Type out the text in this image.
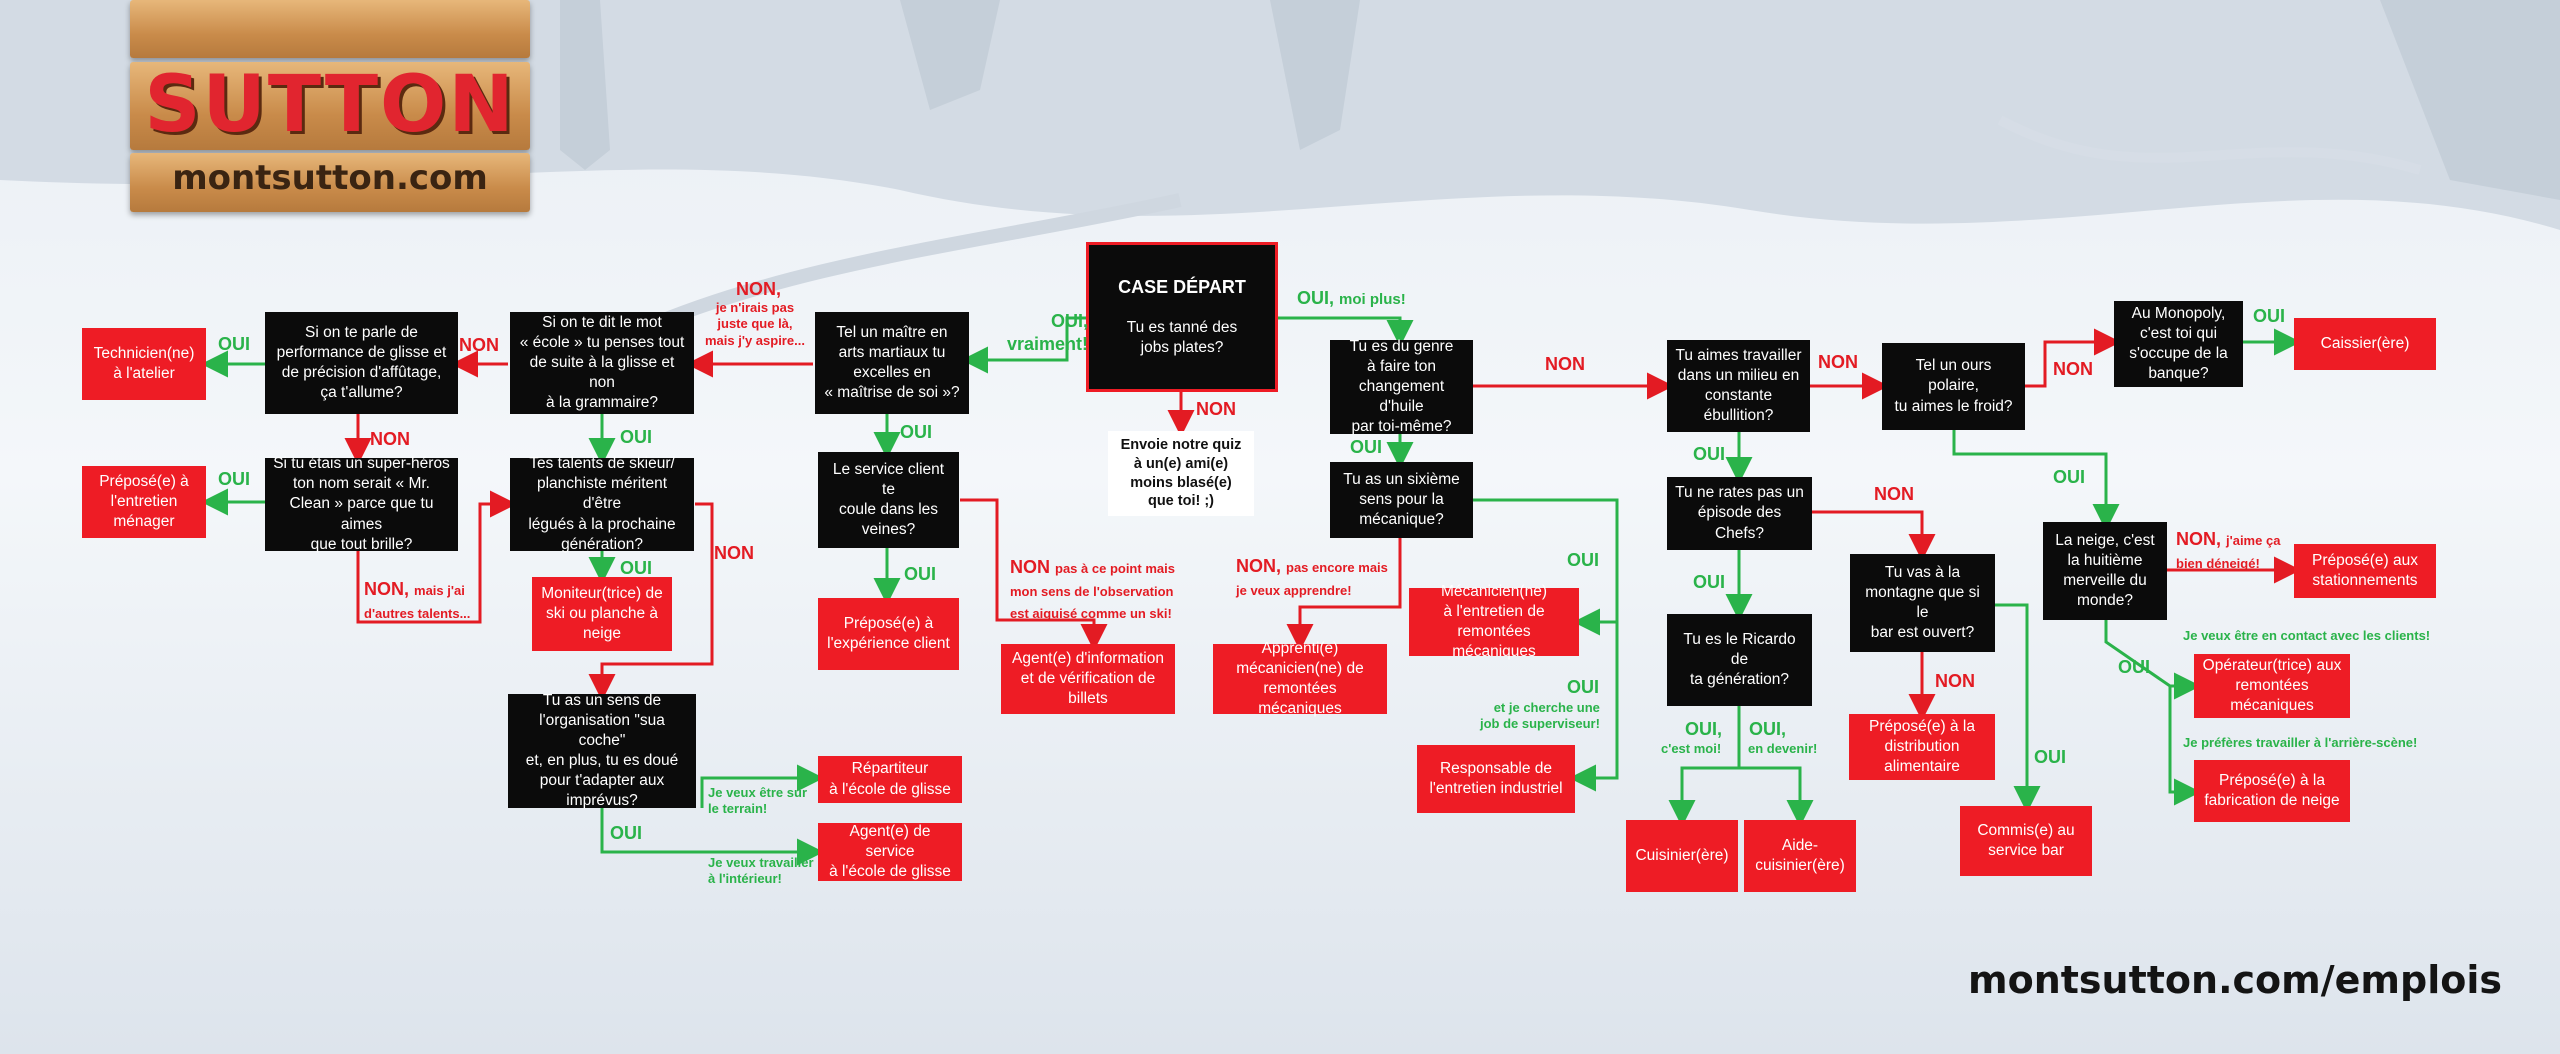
SUTTON
montsutton.com
CASE DÉPART
Tu es tanné des
jobs plates?
Envoie notre quiz
à un(e) ami(e)
moins blasé(e)
que toi! ;)
Tel un maître en
arts martiaux tu
excelles en
« maîtrise de soi »?
Si on te dit le mot
« école » tu penses tout
de suite à la glisse et non
à la grammaire?
Si on te parle de
performance de glisse et
de précision d'affûtage,
ça t'allume?
Si tu étais un super-héros
ton nom serait « Mr.
Clean » parce que tu aimes
que tout brille?
Tes talents de skieur/
planchiste méritent d'être
légués à la prochaine
génération?
Le service client te
coule dans les
veines?
Tu as un sens de
l'organisation "sua coche"
et, en plus, tu es doué
pour t'adapter aux
imprévus?
Tu es du genre
à faire ton
changement d'huile
par toi-même?
Tu as un sixième
sens pour la
mécanique?
Tu aimes travailler
dans un milieu en
constante
ébullition?
Tu ne rates pas un
épisode des Chefs?
Tu es le Ricardo de
ta génération?
Tel un ours polaire,
tu aimes le froid?
Tu vas à la
montagne que si le
bar est ouvert?
Au Monopoly,
c'est toi qui
s'occupe de la
banque?
La neige, c'est
la huitième
merveille du
monde?
Technicien(ne)
à l'atelier
Préposé(e) à
l'entretien
ménager
Moniteur(trice) de
ski ou planche à
neige
Préposé(e) à
l'expérience client
Agent(e) d'information
et de vérification de
billets
Répartiteur
à l'école de glisse
Agent(e) de service
à l'école de glisse
Apprenti(e)
mécanicien(ne) de
remontées mécaniques
Mécanicien(ne)
à l'entretien de
remontées mécaniques
Responsable de
l'entretien industriel
Cuisinier(ère)
Aide-
cuisinier(ère)
Préposé(e) à la
distribution
alimentaire
Commis(e) au
service bar
Caissier(ère)
Préposé(e) aux
stationnements
Opérateur(trice) aux
remontées
mécaniques
Préposé(e) à la
fabrication de neige
OUI,
vraiment!
OUI, moi plus!
NON
NON,
je n'irais pas
juste que là,
mais j'y aspire...
OUI
OUI
NON
OUI
OUI
NON
OUI
OUI
NON
NON, mais j'ai
d'autres talents...
NON pas à ce point mais
mon sens de l'observation
est aiguisé comme un ski!
OUI
Je veux être sur
le terrain!
Je veux travailler
à l'intérieur!
NON
OUI
NON, pas encore mais
je veux apprendre!
OUI
OUI
et je cherche une
job de superviseur!
NON
OUI
OUI
NON
OUI,
c'est moi!
OUI,
en devenir!
NON
OUI
NON
OUI
OUI
NON, j'aime ça
bien déneigé!
OUI
Je veux être en contact avec les clients!
Je préfères travailler à l'arrière-scène!
montsutton.com/emplois
